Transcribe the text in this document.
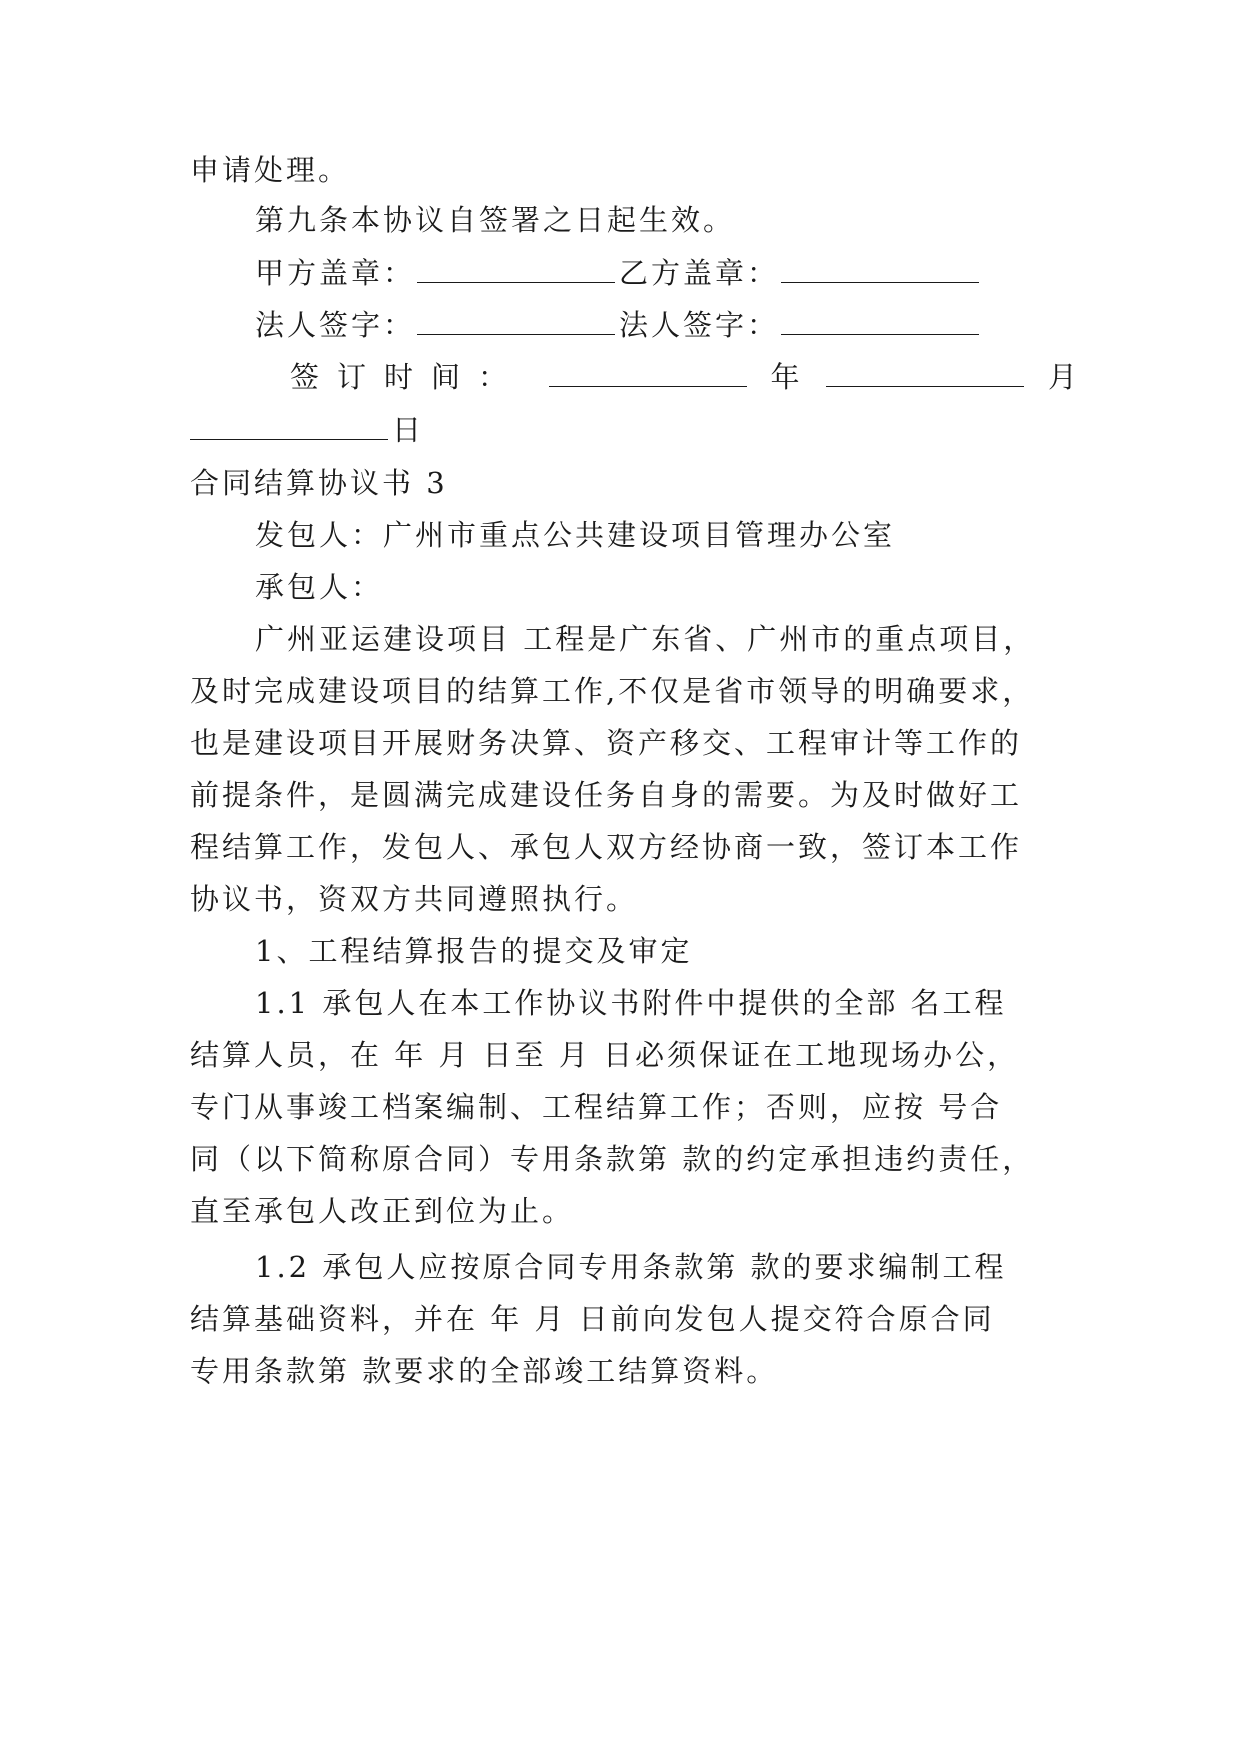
申请处理。
第九条本协议自签署之日起生效。
甲方盖章：	乙方盖章：
法人签字：	法人签字：
签订时间：	年	月
日
合同结算协议书 3
发包人：广州市重点公共建设项目管理办公室
承包人：
广州亚运建设项目 工程是广东省、广州市的重点项目，
及时完成建设项目的结算工作,不仅是省市领导的明确要求，
也是建设项目开展财务决算、资产移交、工程审计等工作的
前提条件，是圆满完成建设任务自身的需要。为及时做好工
程结算工作，发包人、承包人双方经协商一致，签订本工作
协议书，资双方共同遵照执行。
1、工程结算报告的提交及审定
1.1 承包人在本工作协议书附件中提供的全部 名工程
结算人员，在 年 月 日至 月 日必须保证在工地现场办公，
专门从事竣工档案编制、工程结算工作；否则，应按 号合
同（以下简称原合同）专用条款第 款的约定承担违约责任，
直至承包人改正到位为止。
1.2 承包人应按原合同专用条款第 款的要求编制工程
结算基础资料，并在 年 月 日前向发包人提交符合原合同
专用条款第 款要求的全部竣工结算资料。
